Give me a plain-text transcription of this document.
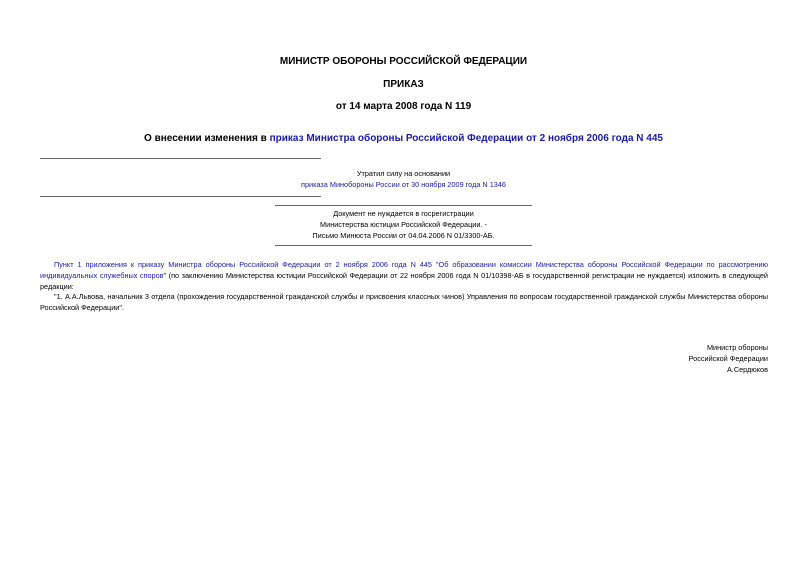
МИНИСТР ОБОРОНЫ РОССИЙСКОЙ ФЕДЕРАЦИИ
ПРИКАЗ
от 14 марта 2008 года N 119
О внесении изменения в приказ Министра обороны Российской Федерации от 2 ноября 2006 года N 445
Утратил силу на основании
приказа Минобороны России от 30 ноября 2009 года N 1346
Документ не нуждается в госрегистрации
Министерства юстиции Российской Федерации. -
Письмо Минюста России от 04.04.2006 N 01/3300-АБ.
Пункт 1 приложения к приказу Министра обороны Российской Федерации от 2 ноября 2006 года N 445 "Об образовании комиссии Министерства обороны Российской Федерации по рассмотрению индивидуальных служебных споров" (по заключению Министерства юстиции Российской Федерации от 22 ноября 2006 года N 01/10398-АБ в государственной регистрации не нуждается) изложить в следующей редакции:
"1. А.А.Львова, начальник 3 отдела (прохождения государственной гражданской службы и присвоения классных чинов) Управления по вопросам государственной гражданской службы Министерства обороны Российской Федерации".
Министр обороны
Российской Федерации
А.Сердюков
